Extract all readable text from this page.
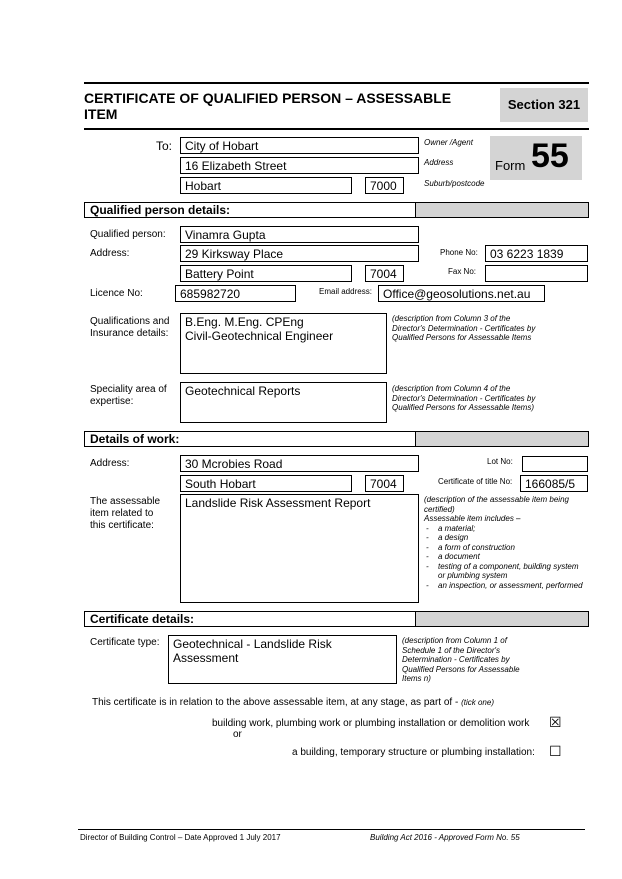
CERTIFICATE OF QUALIFIED PERSON – ASSESSABLE ITEM
Section 321
To:	City of Hobart
16 Elizabeth Street
Hobart	7000
Owner /Agent
Address
Suburb/postcode
Form 55
Qualified person details:
Qualified person:	Vinamra Gupta
Address:	29 Kirksway Place
Battery Point	7004
Phone No:	03 6223 1839
Fax No:
Licence No:	685982720	Email address: Office@geosolutions.net.au
Qualifications and
Insurance details:
B.Eng. M.Eng. CPEng
Civil-Geotechnical Engineer
(description from Column 3 of the Director's Determination - Certificates by Qualified Persons for Assessable Items
Speciality area of
expertise:
Geotechnical Reports	(description from Column 4 of the Director's Determination - Certificates by Qualified Persons for Assessable Items)
Details of work:
Address:	30 Mcrobies Road
South Hobart	7004
Lot No:
Certificate of title No:	166085/5
The assessable
item related to
this certificate:
Landslide Risk Assessment Report	(description of the assessable item being certified)
Assessable item includes –
- a material;
- a design
- a form of construction
- a document
- testing of a component, building system or plumbing system
- an inspection, or assessment, performed
Certificate details:
Certificate type:	Geotechnical - Landslide Risk
Assessment
(description from Column 1 of Schedule 1 of the Director's Determination - Certificates by Qualified Persons for Assessable Items n)
This certificate is in relation to the above assessable item, at any stage, as part of - (tick one)
building work, plumbing work or plumbing installation or demolition work ☒
or
a building, temporary structure or plumbing installation: ☐
Director of Building Control – Date Approved 1 July 2017	Building Act 2016 - Approved Form No. 55
